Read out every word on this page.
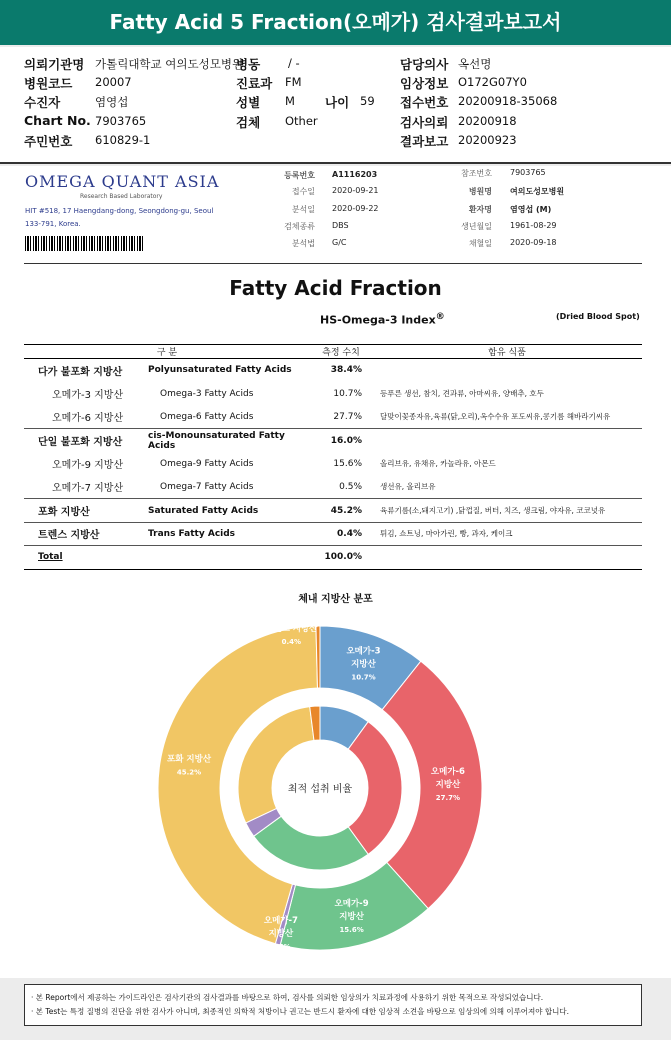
Fatty Acid 5 Fraction(오메가) 검사결과보고서
의뢰기관명 가톨릭대학교 여의도성모병원
병동 / -	담당의사 옥선명
병원코드 20007	진료과 FM	임상정보 O172G07Y0
수진자	염영섭	성별 M 나이 59 접수번호 20200918-35068
Chart No. 7903765	검체 Other	검사의뢰 20200918
주민번호 610829-1	결과보고 20200923
OMEGA QUANT ASIA
Research Based Laboratory
HIT #518, 17 Haengdang-dong, Seongdong-gu, Seoul 133-791, Korea.
등록번호 A1116203	참조번호 7903765
접수일 2020-09-21	병원명 여의도성모병원
분석일 2020-09-22	환자명 염영섭 (M)
검체종류 DBS	생년월일 1961-08-29
분석법 G/C	채혈일 2020-09-18
Fatty Acid Fraction
HS-Omega-3 Index®	(Dried Blood Spot)
구 분		측정 수치	함유 식품
다가 불포화 지방산	Polyunsaturated Fatty Acids	38.4%	
오메가-3 지방산	Omega-3 Fatty Acids	10.7%	등푸른 생선, 참치, 견과류, 아마씨유, 양배추, 호두
오메가-6 지방산	Omega-6 Fatty Acids	27.7%	달맞이꽃종자유,육류(닭,오리),옥수수유 포도씨유,콩기름 해바라기씨유
단일 불포화 지방산	cis-Monounsaturated Fatty Acids	16.0%	
오메가-9 지방산	Omega-9 Fatty Acids	15.6%	올리브유, 유채유, 카놀라유, 아몬드
오메가-7 지방산	Omega-7 Fatty Acids	0.5%	생선유, 올리브유
포화 지방산	Saturated Fatty Acids	45.2%	육류기름(소,돼지고기) ,닭껍질, 버터, 치즈, 생크림, 야자유, 코코넛유
트렌스 지방산	Trans Fatty Acids	0.4%	튀김, 쇼트닝, 마아가린, 빵, 과자, 케이크
Total		100.0%	
체내 지방산 분포
최적 섭취 비율
오메가-3 지방산 10.7%
오메가-6 지방산 27.7%
오메가-9 지방산 15.6%
오메가-7 지방산 0.5%
포화 지방산 45.2%
트렌스 지방산 0.4%
· 본 Report에서 제공하는 가이드라인은 검사기관의 검사결과를 바탕으로 하여, 검사를 의뢰한 임상의가 치료과정에 사용하기 위한 목적으로 작성되었습니다.
· 본 Test는 특정 질병의 진단을 위한 검사가 아니며, 최종적인 의학적 처방이나 권고는 반드시 환자에 대한 임상적 소견을 바탕으로 임상의에 의해 이루어져야 합니다.
